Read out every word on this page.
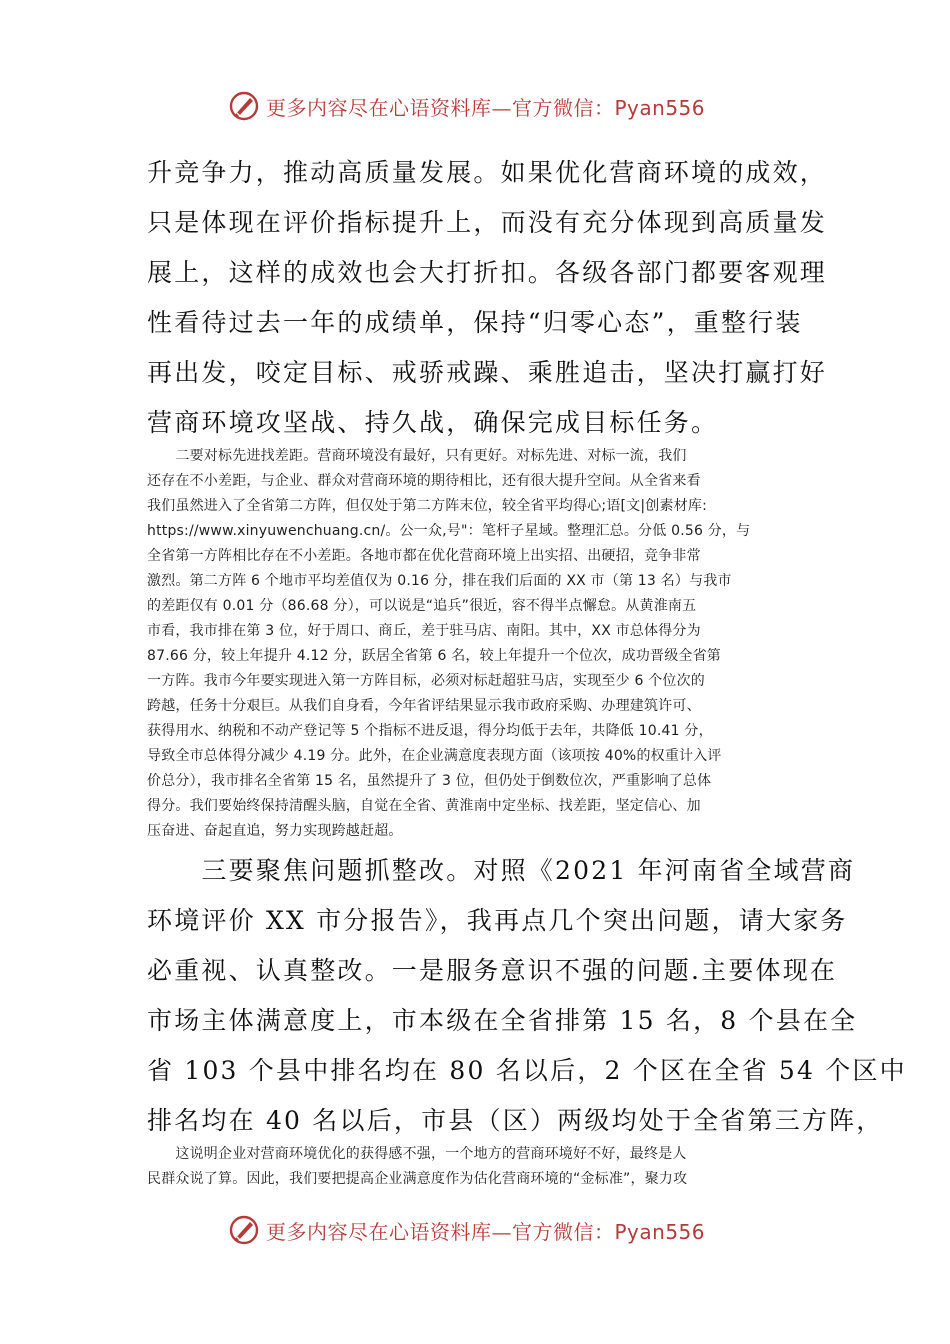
更多内容尽在心语资料库—官方微信：Pyan556

升竞争力，推动高质量发展。如果优化营商环境的成效，

只是体现在评价指标提升上，而没有充分体现到高质量发

展上，这样的成效也会大打折扣。各级各部门都要客观理

性看待过去一年的成绩单，保持“归零心态”，重整行装

再出发，咬定目标、戒骄戒躁、乘胜追击，坚决打赢打好

营商环境攻坚战、持久战，确保完成目标任务。

　　二要对标先进找差距。营商环境没有最好，只有更好。对标先进、对标一流，我们

还存在不小差距，与企业、群众对营商环境的期待相比，还有很大提升空间。从全省来看

我们虽然进入了全省第二方阵，但仅处于第二方阵末位，较全省平均得心;语[文|创素材库:

https://www.xinyuwenchuang.cn/。公一众,号"：笔杆子星域。整理汇总。分低 0.56 分，与

全省第一方阵相比存在不小差距。各地市都在优化营商环境上出实招、出硬招，竞争非常

激烈。第二方阵 6 个地市平均差值仅为 0.16 分，排在我们后面的 XX 市（第 13 名）与我市

的差距仅有 0.01 分（86.68 分），可以说是“追兵”很近，容不得半点懈怠。从黄淮南五

市看，我市排在第 3 位，好于周口、商丘，差于驻马店、南阳。其中，XX 市总体得分为

87.66 分，较上年提升 4.12 分，跃居全省第 6 名，较上年提升一个位次，成功晋级全省第

一方阵。我市今年要实现进入第一方阵目标，必须对标赶超驻马店，实现至少 6 个位次的

跨越，任务十分艰巨。从我们自身看，今年省评结果显示我市政府采购、办理建筑许可、

获得用水、纳税和不动产登记等 5 个指标不进反退，得分均低于去年，共降低 10.41 分，

导致全市总体得分减少 4.19 分。此外，在企业满意度表现方面（该项按 40%的权重计入评

价总分），我市排名全省第 15 名，虽然提升了 3 位，但仍处于倒数位次，严重影响了总体

得分。我们要始终保持清醒头脑，自觉在全省、黄淮南中定坐标、找差距，坚定信心、加

压奋进、奋起直追，努力实现跨越赶超。

　　三要聚焦问题抓整改。对照《2021 年河南省全域营商

环境评价 XX 市分报告》，我再点几个突出问题，请大家务

必重视、认真整改。一是服务意识不强的问题.主要体现在

市场主体满意度上，市本级在全省排第 15 名，8 个县在全

省 103 个县中排名均在 80 名以后，2 个区在全省 54 个区中

排名均在 40 名以后，市县（区）两级均处于全省第三方阵，

　　这说明企业对营商环境优化的获得感不强，一个地方的营商环境好不好，最终是人

民群众说了算。因此，我们要把提高企业满意度作为估化营商环境的“金标准”，聚力攻

更多内容尽在心语资料库—官方微信：Pyan556
